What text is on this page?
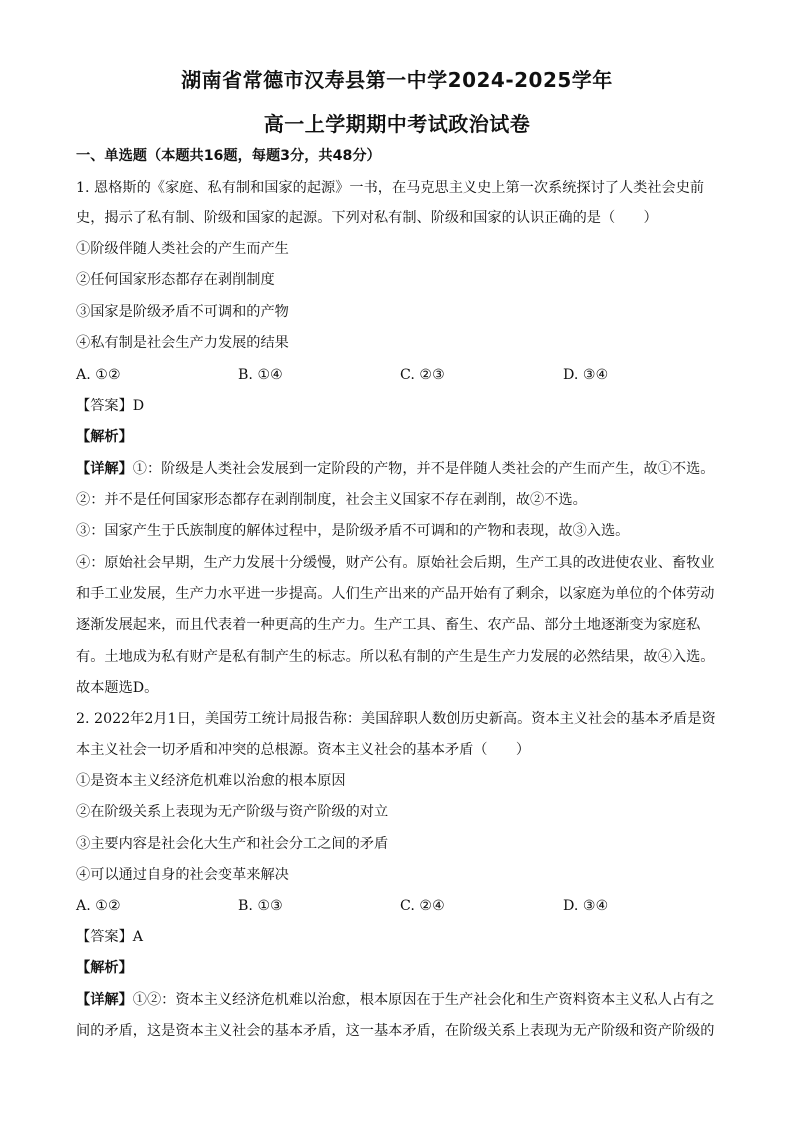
湖南省常德市汉寿县第一中学2024-2025学年
高一上学期期中考试政治试卷
一、单选题（本题共16题，每题3分，共48分）
1. 恩格斯的《家庭、私有制和国家的起源》一书，在马克思主义史上第一次系统探讨了人类社会史前
史，揭示了私有制、阶级和国家的起源。下列对私有制、阶级和国家的认识正确的是（　　）
①阶级伴随人类社会的产生而产生
②任何国家形态都存在剥削制度
③国家是阶级矛盾不可调和的产物
④私有制是社会生产力发展的结果
A. ①②	B. ①④	C. ②③	D. ③④
【答案】D
【解析】
【详解】①：阶级是人类社会发展到一定阶段的产物，并不是伴随人类社会的产生而产生，故①不选。
②：并不是任何国家形态都存在剥削制度，社会主义国家不存在剥削，故②不选。
③：国家产生于氏族制度的解体过程中，是阶级矛盾不可调和的产物和表现，故③入选。
④：原始社会早期，生产力发展十分缓慢，财产公有。原始社会后期，生产工具的改进使农业、畜牧业
和手工业发展，生产力水平进一步提高。人们生产出来的产品开始有了剩余，以家庭为单位的个体劳动
逐渐发展起来，而且代表着一种更高的生产力。生产工具、畜生、农产品、部分土地逐渐变为家庭私
有。土地成为私有财产是私有制产生的标志。所以私有制的产生是生产力发展的必然结果，故④入选。
故本题选D。
2. 2022年2月1日，美国劳工统计局报告称：美国辞职人数创历史新高。资本主义社会的基本矛盾是资
本主义社会一切矛盾和冲突的总根源。资本主义社会的基本矛盾（　　）
①是资本主义经济危机难以治愈的根本原因
②在阶级关系上表现为无产阶级与资产阶级的对立
③主要内容是社会化大生产和社会分工之间的矛盾
④可以通过自身的社会变革来解决
A. ①②	B. ①③	C. ②④	D. ③④
【答案】A
【解析】
【详解】①②：资本主义经济危机难以治愈，根本原因在于生产社会化和生产资料资本主义私人占有之
间的矛盾，这是资本主义社会的基本矛盾，这一基本矛盾，在阶级关系上表现为无产阶级和资产阶级的
